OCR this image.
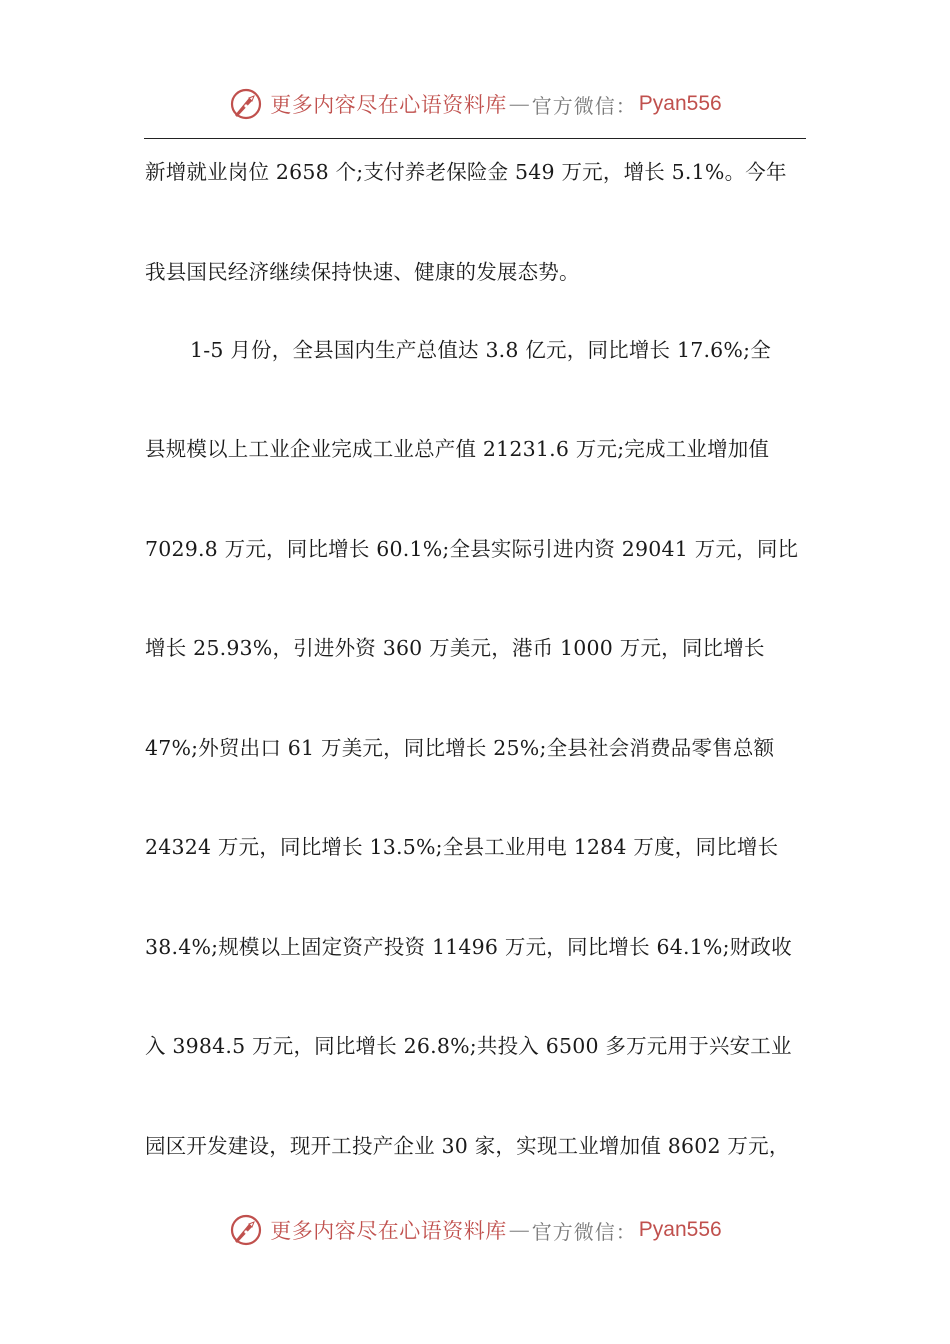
更多内容尽在心语资料库 — 官方微信： Pyan556
新增就业岗位 2658 个;支付养老保险金 549 万元，增长 5.1%。今年
我县国民经济继续保持快速、健康的发展态势。
1-5 月份，全县国内生产总值达 3.8 亿元，同比增长 17.6%;全
县规模以上工业企业完成工业总产值 21231.6 万元;完成工业增加值
7029.8 万元，同比增长 60.1%;全县实际引进内资 29041 万元，同比
增长 25.93%，引进外资 360 万美元，港币 1000 万元，同比增长
47%;外贸出口 61 万美元，同比增长 25%;全县社会消费品零售总额
24324 万元，同比增长 13.5%;全县工业用电 1284 万度，同比增长
38.4%;规模以上固定资产投资 11496 万元，同比增长 64.1%;财政收
入 3984.5 万元，同比增长 26.8%;共投入 6500 多万元用于兴安工业
园区开发建设，现开工投产企业 30 家，实现工业增加值 8602 万元，
更多内容尽在心语资料库 — 官方微信： Pyan556
